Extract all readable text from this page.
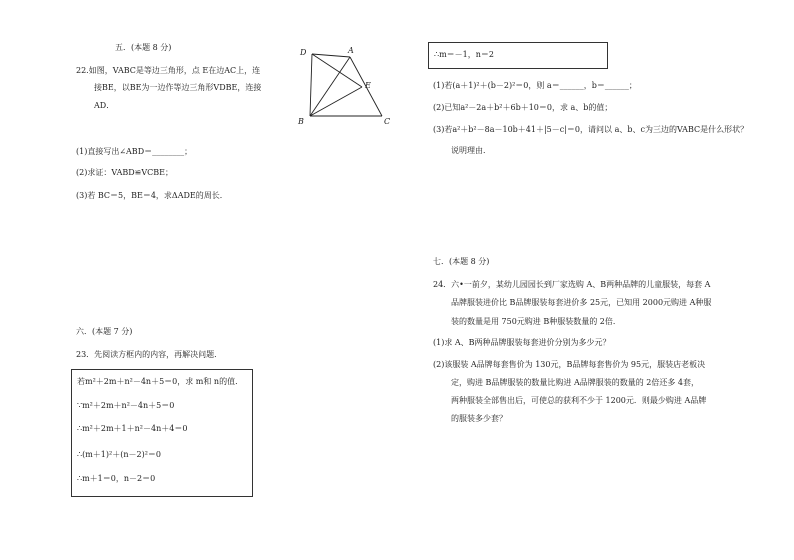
五．(本题 8 分)
22.如图，VABC是等边三角形，点 E在边AC上，连
接BE，以BE为一边作等边三角形VDBE，连接
AD．
D	A
E
B	C
(1)直接写出∠ABD＝________；
(2)求证：VABD≌VCBE；
(3)若 BC＝5，BE＝4，求ΔADE的周长．
六．(本题 7 分)
23．先阅读方框内的内容，再解决问题．
若m²＋2m＋n²－4n＋5＝0，求 m和 n的值．
∵m²＋2m＋n²－4n＋5＝0
∴m²＋2m＋1＋n²－4n＋4＝0
∴(m＋1)²＋(n－2)²＝0
∴m＋1＝0，n－2＝0
∴m＝－1，n＝2
(1)若(a＋1)²＋(b－2)²＝0，则 a＝______，b＝______；
(2)已知a²－2a＋b²＋6b＋10＝0，求 a、b的值；
(3)若a²＋b²－8a－10b＋41＋|5－c|＝0，请问以 a、b、c为三边的VABC是什么形状？
说明理由．
七．(本题 8 分)
24．六•一前夕，某幼儿园园长到厂家选购 A、B两种品牌的儿童服装，每套 A
品牌服装进价比 B品牌服装每套进价多 25元，已知用 2000元购进 A种服
装的数量是用 750元购进 B种服装数量的 2倍．
(1)求 A、B两种品牌服装每套进价分别为多少元？
(2)该服装 A品牌每套售价为 130元，B品牌每套售价为 95元，服装店老板决
定，购进 B品牌服装的数量比购进 A品牌服装的数量的 2倍还多 4套，
两种服装全部售出后，可使总的获利不少于 1200元．则最少购进 A品牌
的服装多少套？
